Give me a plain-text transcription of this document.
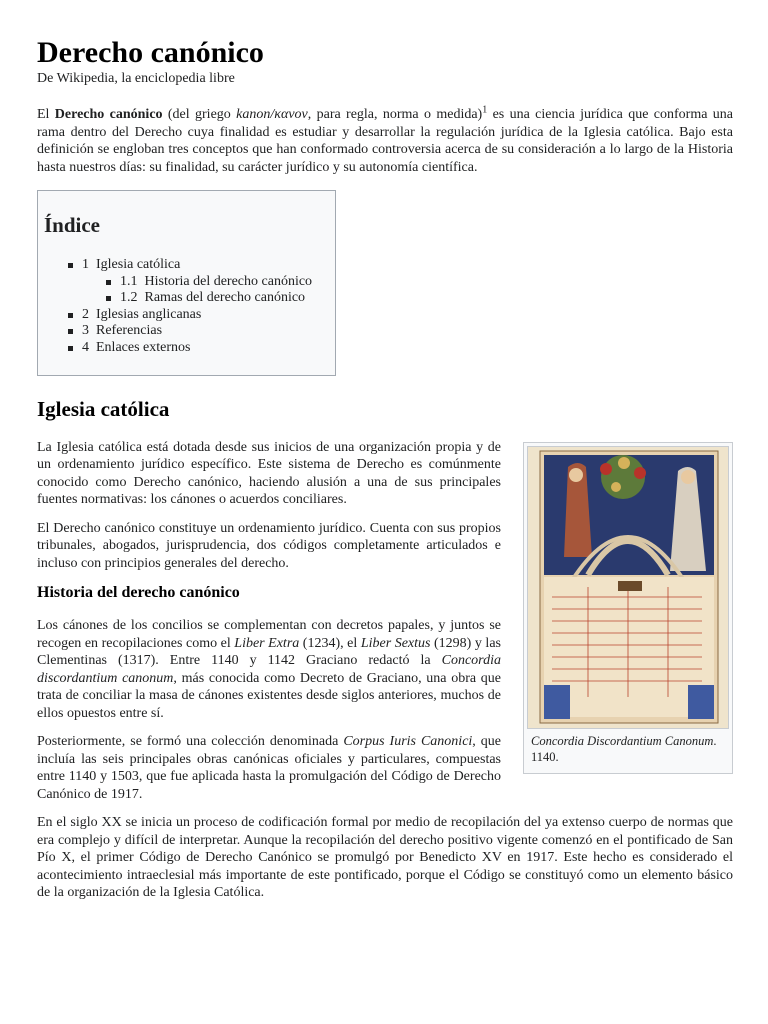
Derecho canónico
De Wikipedia, la enciclopedia libre

El Derecho canónico (del griego kanon/κανον, para regla, norma o medida)$^1$ es una ciencia jurídica que conforma una rama dentro del Derecho cuya finalidad es estudiar y desarrollar la regulación jurídica de la Iglesia católica. Bajo esta definición se engloban tres conceptos que han conformado controversia acerca de su consideración a lo largo de la Historia hasta nuestros días: su finalidad, su carácter jurídico y su autonomía científica.

Índice
1 Iglesia católica
1.1 Historia del derecho canónico
1.2 Ramas del derecho canónico
2 Iglesias anglicanas
3 Referencias
4 Enlaces externos
Iglesia católica
Concordia Discordantium Canonum. 1140.

La Iglesia católica está dotada desde sus inicios de una organización propia y de un ordenamiento jurídico específico. Este sistema de Derecho es comúnmente conocido como Derecho canónico, haciendo alusión a una de sus principales fuentes normativas: los cánones o acuerdos conciliares.

El Derecho canónico constituye un ordenamiento jurídico. Cuenta con sus propios tribunales, abogados, jurisprudencia, dos códigos completamente articulados e incluso con principios generales del derecho.

Historia del derecho canónico

Los cánones de los concilios se complementan con decretos papales, y juntos se recogen en recopilaciones como el Liber Extra (1234), el Liber Sextus (1298) y las Clementinas (1317). Entre 1140 y 1142 Graciano redactó la Concordia discordantium canonum, más conocida como Decreto de Graciano, una obra que trata de conciliar la masa de cánones existentes desde siglos anteriores, muchos de ellos opuestos entre sí.

Posteriormente, se formó una colección denominada Corpus Iuris Canonici, que incluía las seis principales obras canónicas oficiales y particulares, compuestas entre 1140 y 1503, que fue aplicada hasta la promulgación del Código de Derecho Canónico de 1917.

En el siglo XX se inicia un proceso de codificación formal por medio de recopilación del ya extenso cuerpo de normas que era complejo y difícil de interpretar. Aunque la recopilación del derecho positivo vigente comenzó en el pontificado de San Pío X, el primer Código de Derecho Canónico se promulgó por Benedicto XV en 1917. Este hecho es considerado el acontecimiento intraeclesial más importante de este pontificado, porque el Código se constituyó como un elemento básico de la organización de la Iglesia Católica.
